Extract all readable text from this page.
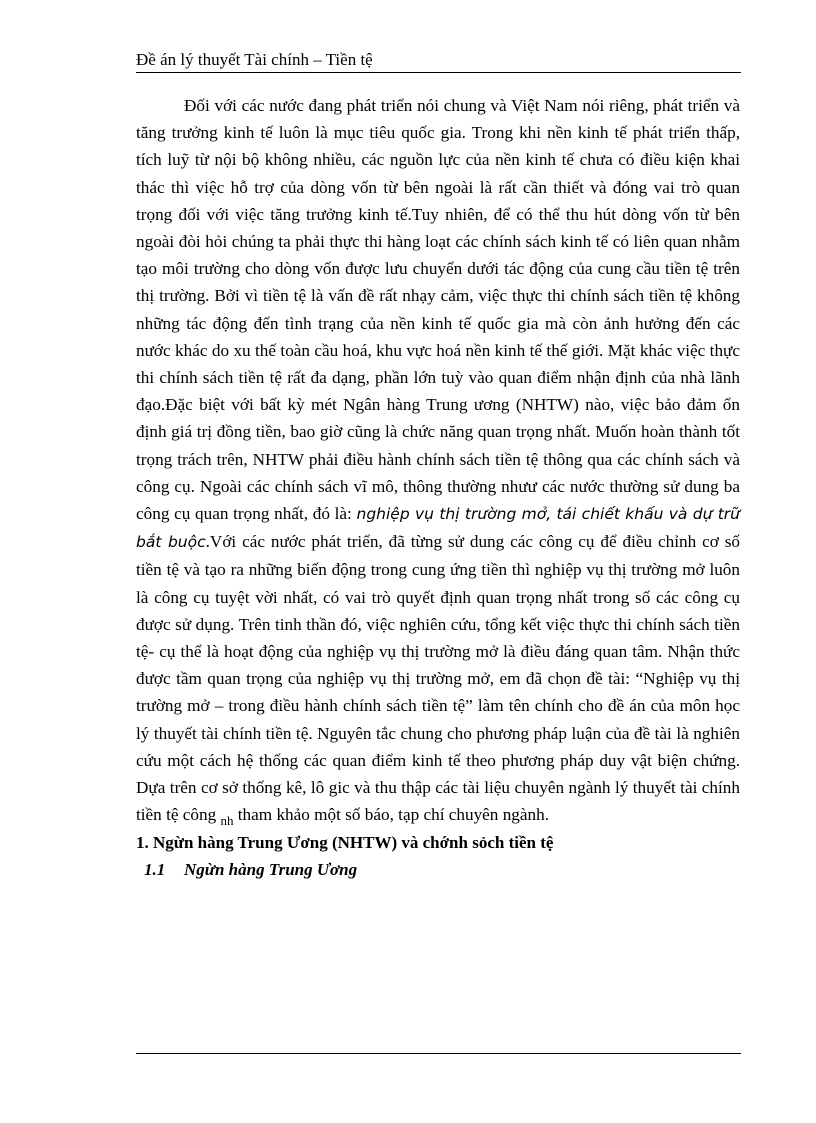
Đề án lý thuyết Tài chính – Tiền tệ

Đối với các nước đang phát triển nói chung và Việt Nam nói riêng, phát triển và tăng trưởng kinh tế luôn là mục tiêu quốc gia. Trong khi nền kinh tế phát triển thấp, tích luỹ từ nội bộ không nhiều, các nguồn lực của nền kinh tế chưa có điều kiện khai thác thì việc hỗ trợ của dòng vốn từ bên ngoài là rất cần thiết và đóng vai trò quan trọng đối với việc tăng trưởng kinh tế.Tuy nhiên, để có thể thu hút dòng vốn từ bên ngoài đòi hỏi chúng ta phải thực thi hàng loạt các chính sách kinh tế có liên quan nhằm tạo môi trường cho dòng vốn được lưu chuyển dưới tác động của cung cầu tiền tệ trên thị trường. Bởi vì tiền tệ là vấn đề rất nhạy cảm, việc thực thi chính sách tiền tệ không những tác động đến tình trạng của nền kinh tế quốc gia mà còn ảnh hưởng đến các nước khác do xu thế toàn cầu hoá, khu vực hoá nền kinh tế thế giới. Mặt khác việc thực thi chính sách tiền tệ rất đa dạng, phần lớn tuỳ vào quan điểm nhận định của nhà lãnh đạo.Đặc biệt với bất kỳ mét Ngân hàng Trung ương (NHTW) nào, việc bảo đảm ổn định giá trị đồng tiền, bao giờ cũng là chức năng quan trọng nhất. Muốn hoàn thành tốt trọng trách trên, NHTW phải điều hành chính sách tiền tệ thông qua các chính sách và công cụ. Ngoài các chính sách vĩ mô, thông thường nhưư các nước thường sử dung ba công cụ quan trọng nhất, đó là: nghiệp vụ thị trường mở, tái chiết khấu và dự trữ bắt buộc.Với các nước phát triển, đã từng sử dung các công cụ để điều chỉnh cơ số tiền tệ và tạo ra những biến động trong cung ứng tiền thì nghiệp vụ thị trường mở luôn là công cụ tuyệt vời nhất, có vai trò quyết định quan trọng nhất trong số các công cụ được sử dụng. Trên tinh thần đó, việc nghiên cứu, tổng kết việc thực thi chính sách tiền tệ- cụ thể là hoạt động của nghiệp vụ thị trường mở là điều đáng quan tâm. Nhận thức được tầm quan trọng của nghiệp vụ thị trường mở, em đã chọn đề tài: “Nghiệp vụ thị trường mở – trong điều hành chính sách tiền tệ” làm tên chính cho đề án của môn học lý thuyết tài chính tiền tệ. Nguyên tắc chung cho phương pháp luận của đề tài là nghiên cứu một cách hệ thống các quan điểm kinh tế theo phương pháp duy vật biện chứng. Dựa trên cơ sở thống kê, lô gic và thu thập các tài liệu chuyên ngành lý thuyết tài chính tiền tệ công $_{nh}$ tham khảo một số báo, tạp chí chuyên ngành.

1. Ngừn hàng Trung Ương (NHTW) và chớnh sỏch tiền tệ

1.1 Ngừn hàng Trung Ương
